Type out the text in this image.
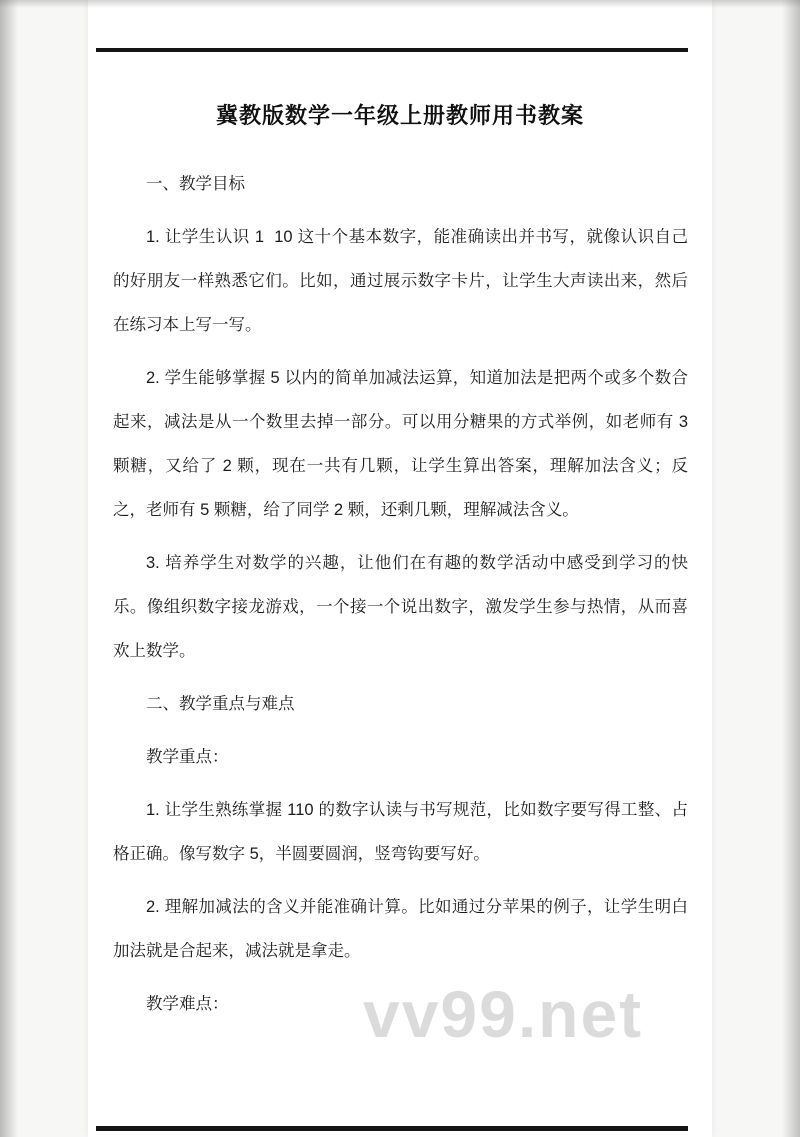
冀教版数学一年级上册教师用书教案

一、教学目标

1. 让学生认识 1  10 这十个基本数字，能准确读出并书写，就像认识自己的好朋友一样熟悉它们。比如，通过展示数字卡片，让学生大声读出来，然后在练习本上写一写。

2. 学生能够掌握 5 以内的简单加减法运算，知道加法是把两个或多个数合起来，减法是从一个数里去掉一部分。可以用分糖果的方式举例，如老师有 3 颗糖，又给了 2 颗，现在一共有几颗，让学生算出答案，理解加法含义；反之，老师有 5 颗糖，给了同学 2 颗，还剩几颗，理解减法含义。

3. 培养学生对数学的兴趣，让他们在有趣的数学活动中感受到学习的快乐。像组织数字接龙游戏，一个接一个说出数字，激发学生参与热情，从而喜欢上数学。

二、教学重点与难点

教学重点：

1. 让学生熟练掌握 110 的数字认读与书写规范，比如数字要写得工整、占格正确。像写数字 5，半圆要圆润，竖弯钩要写好。

2. 理解加减法的含义并能准确计算。比如通过分苹果的例子，让学生明白加法就是合起来，减法就是拿走。

教学难点：	vv99.net
